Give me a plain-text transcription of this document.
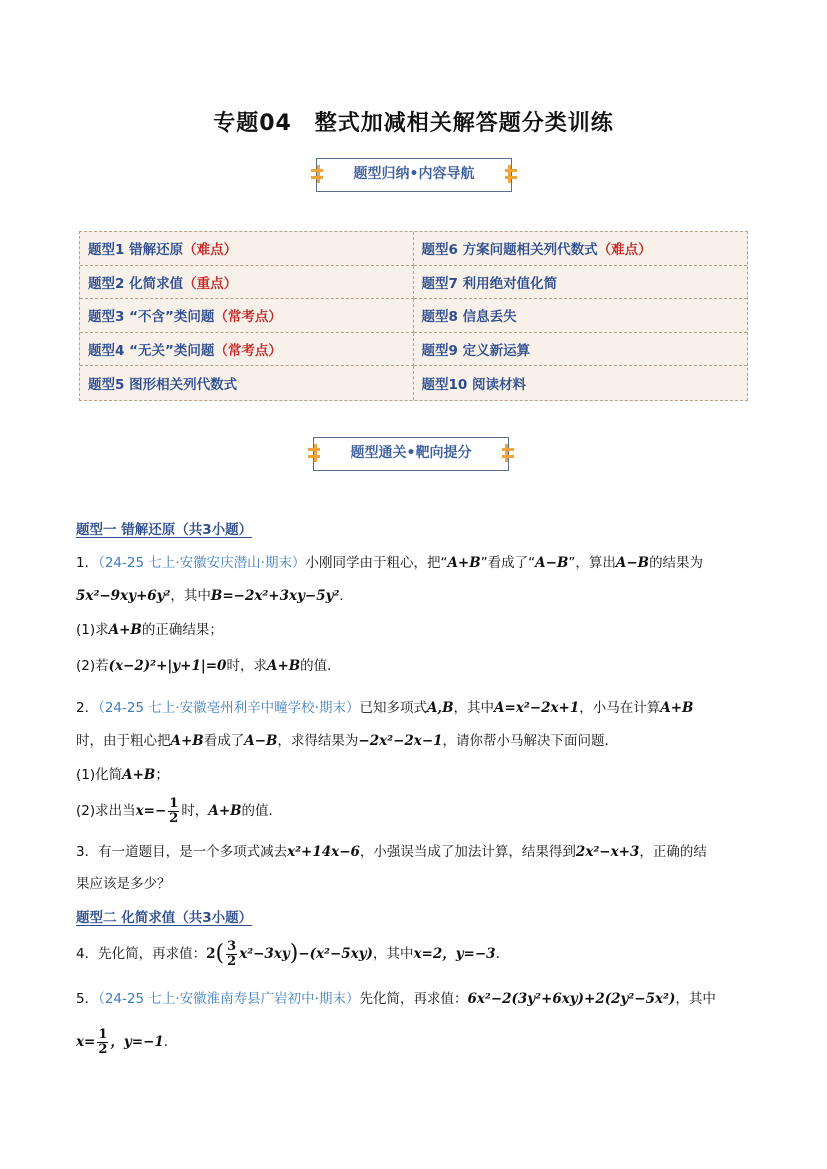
专题04　整式加减相关解答题分类训练
题型归纳•内容导航
题型1 错解还原 （难点）	题型6 方案问题相关列代数式 （难点）
题型2 化简求值 （重点）	题型7 利用绝对值化简
题型3 “不含”类问题 （常考点）	题型8 信息丢失
题型4 “无关”类问题 （常考点）	题型9 定义新运算
题型5 图形相关列代数式	题型10 阅读材料
题型通关•靶向提分
题型一 错解还原（共3小题）
1．（24-25 七上·安徽安庆潜山·期末）小刚同学由于粗心，把“A+B”看成了“A−B”，算出A−B的结果为
5x²−9xy+6y²，其中B=−2x²+3xy−5y²．
(1)求A+B的正确结果；
(2)若(x−2)²+|y+1|=0时，求A+B的值．
2．（24-25 七上·安徽亳州利辛中疃学校·期末）已知多项式A,B，其中A=x²−2x+1，小马在计算A+B
时，由于粗心把A+B看成了A−B，求得结果为−2x²−2x−1，请你帮小马解决下面问题．
(1)化简A+B；
(2)求出当$x=- \frac{1}{2}$ 时，A+B的值．
3．有一道题目，是一个多项式减去x²+14x−6，小强误当成了加法计算，结果得到2x²−x+3，正确的结
果应该是多少？
题型二 化简求值（共3小题）
4．先化简，再求值：$2( \frac{3}{2} x^2-3xy)-(x^2-5xy)$，其中x=2，y=−3．
5．（24-25 七上·安徽淮南寿县广岩初中·期末）先化简，再求值：6x²−2(3y²+6xy)+2(2y²−5x²)，其中
$x= \frac{1}{2}$ ，y=−1．
